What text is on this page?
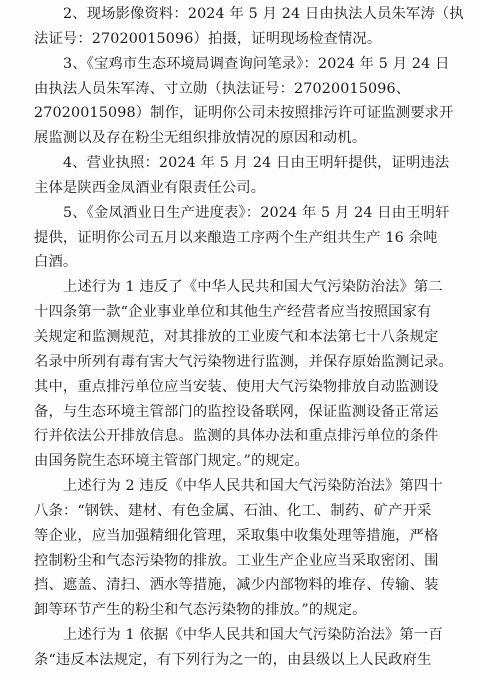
2、现场影像资料：2024 年 5 月 24 日由执法人员朱军涛（执
法证号：27020015096）拍摄，证明现场检查情况。
3、《宝鸡市生态环境局调查询问笔录》：2024 年 5 月 24 日
由执法人员朱军涛、寸立勋（执法证号：27020015096、
27020015098）制作，证明你公司未按照排污许可证监测要求开
展监测以及存在粉尘无组织排放情况的原因和动机。
4、营业执照：2024 年 5 月 24 日由王明轩提供，证明违法
主体是陕西金凤酒业有限责任公司。
5、《金凤酒业日生产进度表》：2024 年 5 月 24 日由王明轩
提供，证明你公司五月以来酿造工序两个生产组共生产 16 余吨
白酒。
上述行为 1 违反了《中华人民共和国大气污染防治法》第二
十四条第一款“企业事业单位和其他生产经营者应当按照国家有
关规定和监测规范，对其排放的工业废气和本法第七十八条规定
名录中所列有毒有害大气污染物进行监测，并保存原始监测记录。
其中，重点排污单位应当安装、使用大气污染物排放自动监测设
备，与生态环境主管部门的监控设备联网，保证监测设备正常运
行并依法公开排放信息。监测的具体办法和重点排污单位的条件
由国务院生态环境主管部门规定。”的规定。
上述行为 2 违反《中华人民共和国大气污染防治法》第四十
八条：“钢铁、建材、有色金属、石油、化工、制药、矿产开采
等企业，应当加强精细化管理，采取集中收集处理等措施，严格
控制粉尘和气态污染物的排放。工业生产企业应当采取密闭、围
挡、遮盖、清扫、洒水等措施，减少内部物料的堆存、传输、装
卸等环节产生的粉尘和气态污染物的排放。”的规定。
上述行为 1 依据《中华人民共和国大气污染防治法》第一百
条“违反本法规定，有下列行为之一的，由县级以上人民政府生
